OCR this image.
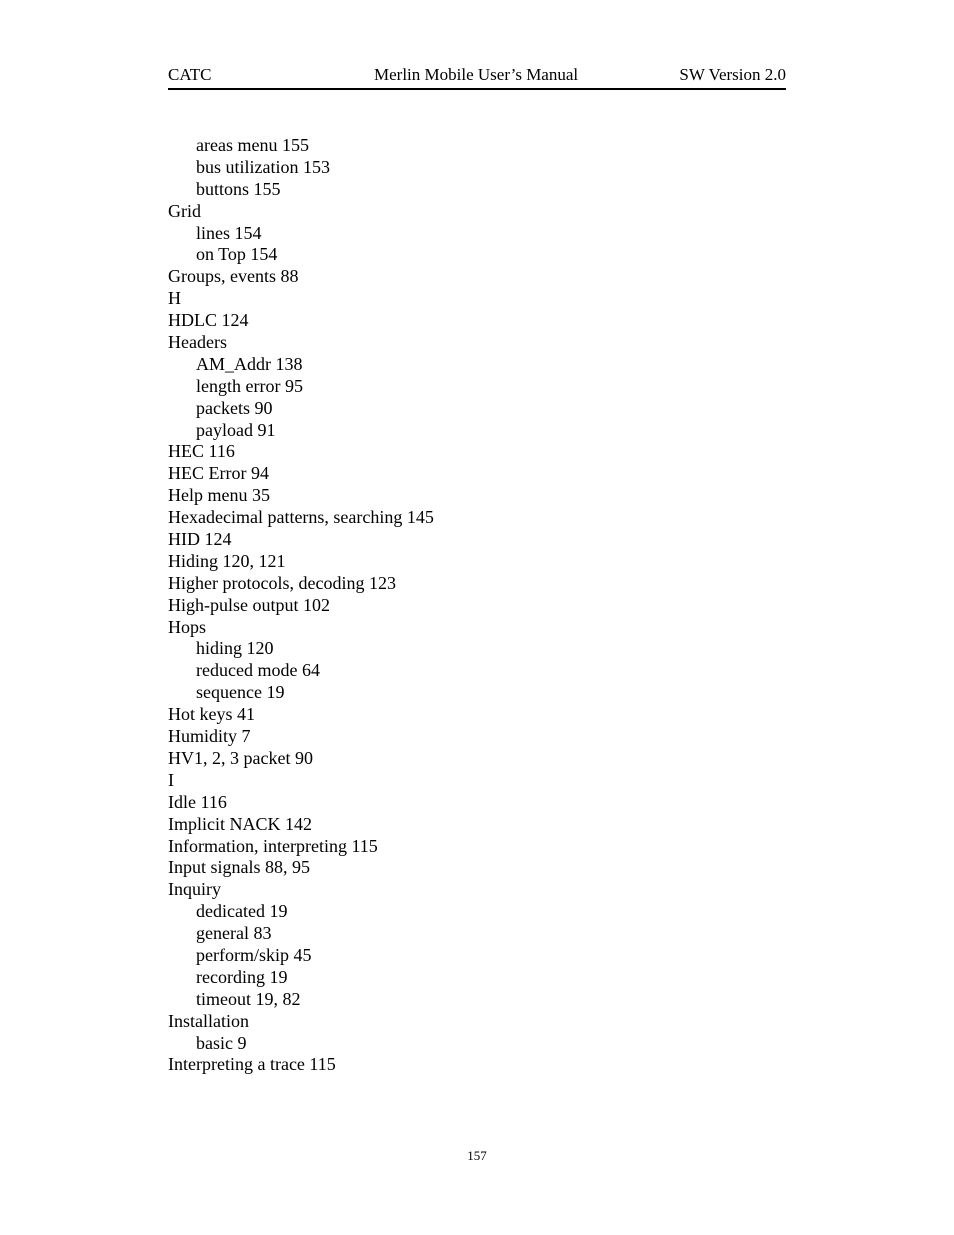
CATC	Merlin Mobile User’s Manual	SW Version 2.0
areas menu 155
bus utilization 153
buttons 155
Grid
lines 154
on Top 154
Groups, events 88
H
HDLC 124
Headers
AM_Addr 138
length error 95
packets 90
payload 91
HEC 116
HEC Error 94
Help menu 35
Hexadecimal patterns, searching 145
HID 124
Hiding 120, 121
Higher protocols, decoding 123
High-pulse output 102
Hops
hiding 120
reduced mode 64
sequence 19
Hot keys 41
Humidity 7
HV1, 2, 3 packet 90
I
Idle 116
Implicit NACK 142
Information, interpreting 115
Input signals 88, 95
Inquiry
dedicated 19
general 83
perform/skip 45
recording 19
timeout 19, 82
Installation
basic 9
Interpreting a trace 115
157
